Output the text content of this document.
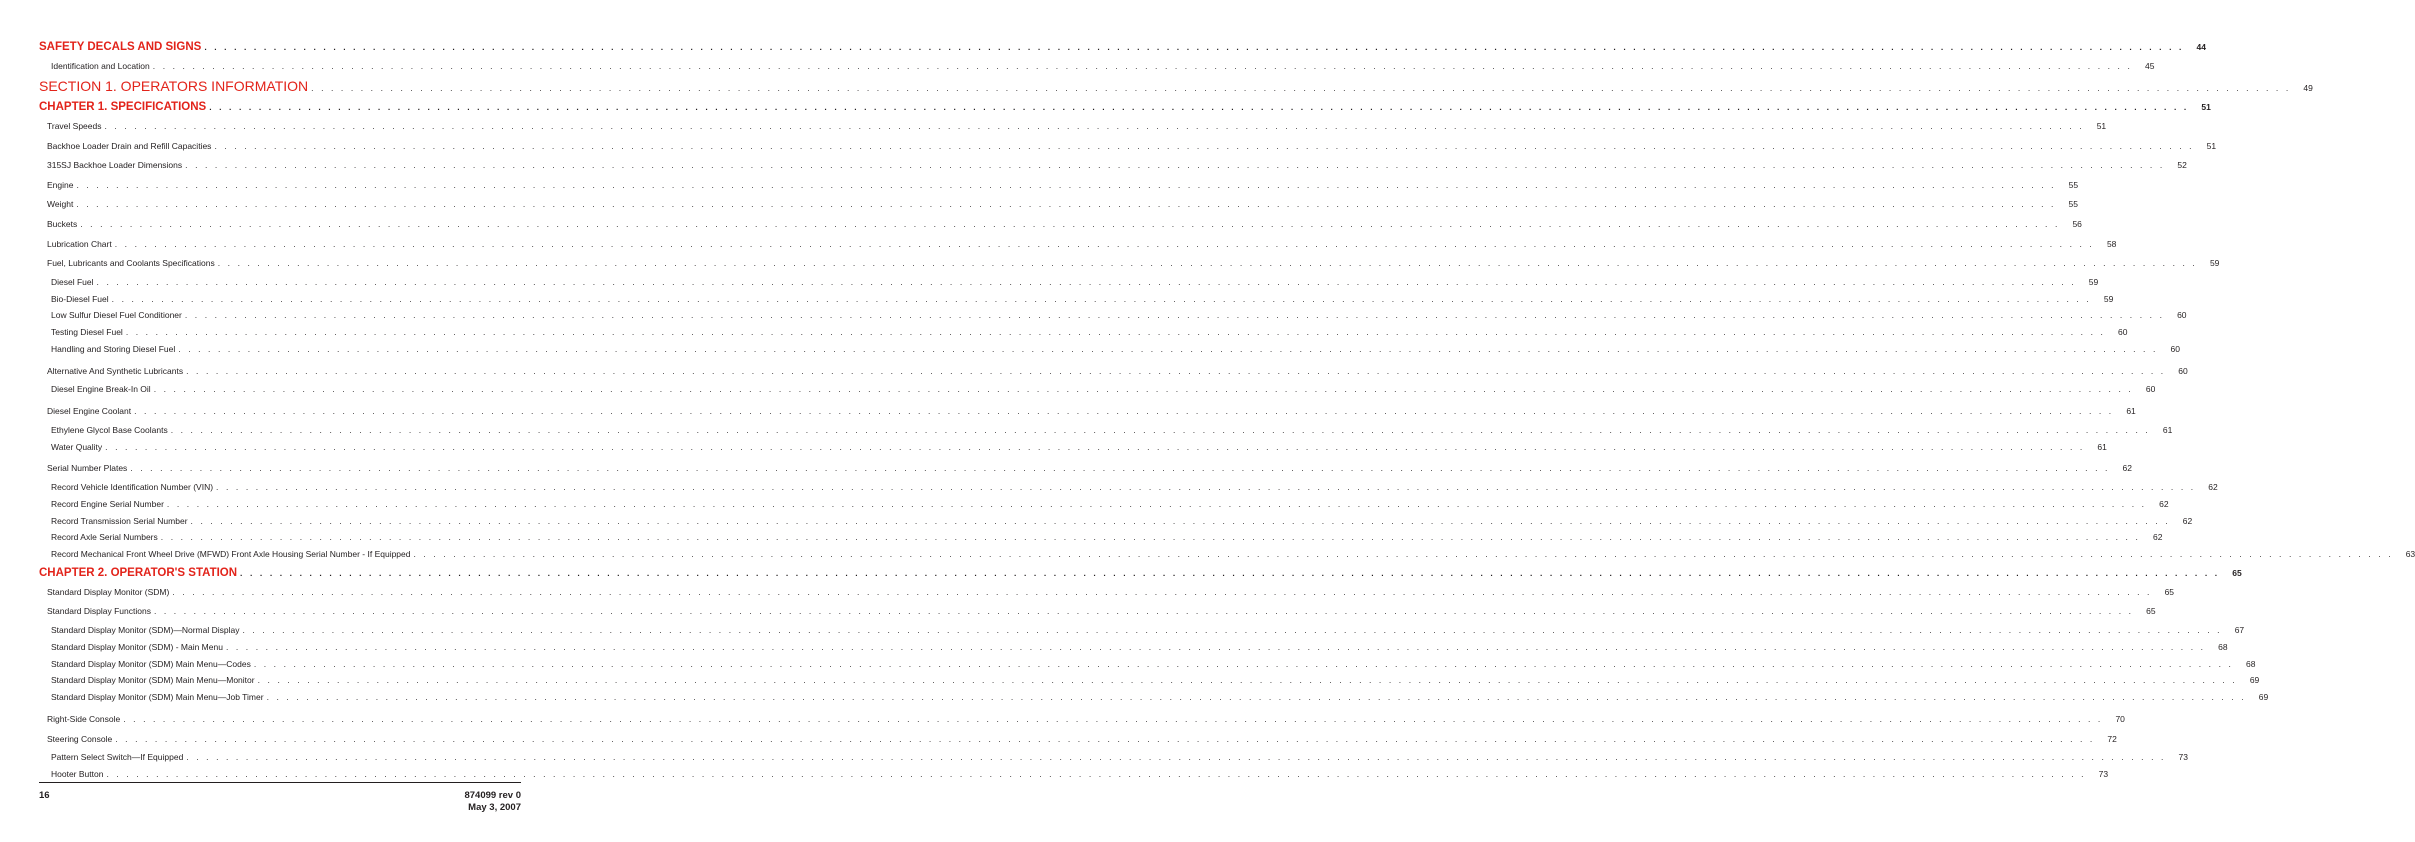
SAFETY DECALS AND SIGNS . . . . . . . . . . . . . . . . . . . . . . . . . . . . . . . . . . . . . . . . . . . . . . . . . . . . . . . . . . . . . . . . . . . . . . . . . . . . . . . . . . . . . . . . . . . . . . . . . . . . . . . . . . . . . . . . . . . . . . . . . . . . . . . . . . . . . . . . . . . . . . . . . . . . . . . . . . . . . . . . . . . . . . . . . . . . . . . . . . . . . . . . . . . . . . . . . . . . . . . .	44
Identification and Location . . . . . . . . . . . . . . . . . . . . . . . . . . . . . . . . . . . . . . . . . . . . . . . . . . . . . . . . . . . . . . . . . . . . . . . . . . . . . . . . . . . . . . . . . . . . . . . . . . . . . . . . . . . . . . . . . . . . . . . . . . . . . . . . . . . . . . . . . . . . . . . . . . . . . . . . . . . . . . . . . . . . . . . . . . . . . . . . . . . . . . . . . . . . . . . . . . . . . . . .	45
SECTION 1. OPERATORS INFORMATION . . . . . . . . . . . . . . . . . . . . . . . . . . . . . . . . . . . . . . . . . . . . . . . . . . . . . . . . . . . . . . . . . . . . . . . . . . . . . . . . . . . . . . . . . . . . . . . . . . . . . . . . . . . . . . . . . . . . . . . . . . . . . . . . . . . . . . . . . . . . . . . . . . . . . . . . . . . . . . . . . . . . . . . . . . . . . . . . . . . . . . . . . . . . . . . . . . . . . . . .	49
CHAPTER 1. SPECIFICATIONS . . . . . . . . . . . . . . . . . . . . . . . . . . . . . . . . . . . . . . . . . . . . . . . . . . . . . . . . . . . . . . . . . . . . . . . . . . . . . . . . . . . . . . . . . . . . . . . . . . . . . . . . . . . . . . . . . . . . . . . . . . . . . . . . . . . . . . . . . . . . . . . . . . . . . . . . . . . . . . . . . . . . . . . . . . . . . . . . . . . . . . . . . . . . . . . . . . . . . . . .	51
Travel Speeds . . . . . . . . . . . . . . . . . . . . . . . . . . . . . . . . . . . . . . . . . . . . . . . . . . . . . . . . . . . . . . . . . . . . . . . . . . . . . . . . . . . . . . . . . . . . . . . . . . . . . . . . . . . . . . . . . . . . . . . . . . . . . . . . . . . . . . . . . . . . . . . . . . . . . . . . . . . . . . . . . . . . . . . . . . . . . . . . . . . . . . . . . . . . . . . . . . . . . . . .	51
Backhoe Loader Drain and Refill Capacities . . . . . . . . . . . . . . . . . . . . . . . . . . . . . . . . . . . . . . . . . . . . . . . . . . . . . . . . . . . . . . . . . . . . . . . . . . . . . . . . . . . . . . . . . . . . . . . . . . . . . . . . . . . . . . . . . . . . . . . . . . . . . . . . . . . . . . . . . . . . . . . . . . . . . . . . . . . . . . . . . . . . . . . . . . . . . . . . . . . . . . . . . . . . . . . . . . . . . . . .	51
315SJ Backhoe Loader Dimensions . . . . . . . . . . . . . . . . . . . . . . . . . . . . . . . . . . . . . . . . . . . . . . . . . . . . . . . . . . . . . . . . . . . . . . . . . . . . . . . . . . . . . . . . . . . . . . . . . . . . . . . . . . . . . . . . . . . . . . . . . . . . . . . . . . . . . . . . . . . . . . . . . . . . . . . . . . . . . . . . . . . . . . . . . . . . . . . . . . . . . . . . . . . . . . . . . . . . . . . .	52
Engine . . . . . . . . . . . . . . . . . . . . . . . . . . . . . . . . . . . . . . . . . . . . . . . . . . . . . . . . . . . . . . . . . . . . . . . . . . . . . . . . . . . . . . . . . . . . . . . . . . . . . . . . . . . . . . . . . . . . . . . . . . . . . . . . . . . . . . . . . . . . . . . . . . . . . . . . . . . . . . . . . . . . . . . . . . . . . . . . . . . . . . . . . . . . . . . . . . . . . . . .	55
Weight . . . . . . . . . . . . . . . . . . . . . . . . . . . . . . . . . . . . . . . . . . . . . . . . . . . . . . . . . . . . . . . . . . . . . . . . . . . . . . . . . . . . . . . . . . . . . . . . . . . . . . . . . . . . . . . . . . . . . . . . . . . . . . . . . . . . . . . . . . . . . . . . . . . . . . . . . . . . . . . . . . . . . . . . . . . . . . . . . . . . . . . . . . . . . . . . . . . . . . . .	55
Buckets . . . . . . . . . . . . . . . . . . . . . . . . . . . . . . . . . . . . . . . . . . . . . . . . . . . . . . . . . . . . . . . . . . . . . . . . . . . . . . . . . . . . . . . . . . . . . . . . . . . . . . . . . . . . . . . . . . . . . . . . . . . . . . . . . . . . . . . . . . . . . . . . . . . . . . . . . . . . . . . . . . . . . . . . . . . . . . . . . . . . . . . . . . . . . . . . . . . . . . . .	56
Lubrication Chart . . . . . . . . . . . . . . . . . . . . . . . . . . . . . . . . . . . . . . . . . . . . . . . . . . . . . . . . . . . . . . . . . . . . . . . . . . . . . . . . . . . . . . . . . . . . . . . . . . . . . . . . . . . . . . . . . . . . . . . . . . . . . . . . . . . . . . . . . . . . . . . . . . . . . . . . . . . . . . . . . . . . . . . . . . . . . . . . . . . . . . . . . . . . . . . . . . . . . . . .	58
Fuel, Lubricants and Coolants Specifications . . . . . . . . . . . . . . . . . . . . . . . . . . . . . . . . . . . . . . . . . . . . . . . . . . . . . . . . . . . . . . . . . . . . . . . . . . . . . . . . . . . . . . . . . . . . . . . . . . . . . . . . . . . . . . . . . . . . . . . . . . . . . . . . . . . . . . . . . . . . . . . . . . . . . . . . . . . . . . . . . . . . . . . . . . . . . . . . . . . . . . . . . . . . . . . . . . . . . . . .	59
Diesel Fuel . . . . . . . . . . . . . . . . . . . . . . . . . . . . . . . . . . . . . . . . . . . . . . . . . . . . . . . . . . . . . . . . . . . . . . . . . . . . . . . . . . . . . . . . . . . . . . . . . . . . . . . . . . . . . . . . . . . . . . . . . . . . . . . . . . . . . . . . . . . . . . . . . . . . . . . . . . . . . . . . . . . . . . . . . . . . . . . . . . . . . . . . . . . . . . . . . . . . . . . .	59
Bio-Diesel Fuel . . . . . . . . . . . . . . . . . . . . . . . . . . . . . . . . . . . . . . . . . . . . . . . . . . . . . . . . . . . . . . . . . . . . . . . . . . . . . . . . . . . . . . . . . . . . . . . . . . . . . . . . . . . . . . . . . . . . . . . . . . . . . . . . . . . . . . . . . . . . . . . . . . . . . . . . . . . . . . . . . . . . . . . . . . . . . . . . . . . . . . . . . . . . . . . . . . . . . . . .	59
Low Sulfur Diesel Fuel Conditioner . . . . . . . . . . . . . . . . . . . . . . . . . . . . . . . . . . . . . . . . . . . . . . . . . . . . . . . . . . . . . . . . . . . . . . . . . . . . . . . . . . . . . . . . . . . . . . . . . . . . . . . . . . . . . . . . . . . . . . . . . . . . . . . . . . . . . . . . . . . . . . . . . . . . . . . . . . . . . . . . . . . . . . . . . . . . . . . . . . . . . . . . . . . . . . . . . . . . . . . .	60
Testing Diesel Fuel . . . . . . . . . . . . . . . . . . . . . . . . . . . . . . . . . . . . . . . . . . . . . . . . . . . . . . . . . . . . . . . . . . . . . . . . . . . . . . . . . . . . . . . . . . . . . . . . . . . . . . . . . . . . . . . . . . . . . . . . . . . . . . . . . . . . . . . . . . . . . . . . . . . . . . . . . . . . . . . . . . . . . . . . . . . . . . . . . . . . . . . . . . . . . . . . . . . . . . . .	60
Handling and Storing Diesel Fuel . . . . . . . . . . . . . . . . . . . . . . . . . . . . . . . . . . . . . . . . . . . . . . . . . . . . . . . . . . . . . . . . . . . . . . . . . . . . . . . . . . . . . . . . . . . . . . . . . . . . . . . . . . . . . . . . . . . . . . . . . . . . . . . . . . . . . . . . . . . . . . . . . . . . . . . . . . . . . . . . . . . . . . . . . . . . . . . . . . . . . . . . . . . . . . . . . . . . . . . .	60
Alternative And Synthetic Lubricants . . . . . . . . . . . . . . . . . . . . . . . . . . . . . . . . . . . . . . . . . . . . . . . . . . . . . . . . . . . . . . . . . . . . . . . . . . . . . . . . . . . . . . . . . . . . . . . . . . . . . . . . . . . . . . . . . . . . . . . . . . . . . . . . . . . . . . . . . . . . . . . . . . . . . . . . . . . . . . . . . . . . . . . . . . . . . . . . . . . . . . . . . . . . . . . . . . . . . . . .	60
Diesel Engine Break-In Oil . . . . . . . . . . . . . . . . . . . . . . . . . . . . . . . . . . . . . . . . . . . . . . . . . . . . . . . . . . . . . . . . . . . . . . . . . . . . . . . . . . . . . . . . . . . . . . . . . . . . . . . . . . . . . . . . . . . . . . . . . . . . . . . . . . . . . . . . . . . . . . . . . . . . . . . . . . . . . . . . . . . . . . . . . . . . . . . . . . . . . . . . . . . . . . . . . . . . . . . .	60
Diesel Engine Coolant . . . . . . . . . . . . . . . . . . . . . . . . . . . . . . . . . . . . . . . . . . . . . . . . . . . . . . . . . . . . . . . . . . . . . . . . . . . . . . . . . . . . . . . . . . . . . . . . . . . . . . . . . . . . . . . . . . . . . . . . . . . . . . . . . . . . . . . . . . . . . . . . . . . . . . . . . . . . . . . . . . . . . . . . . . . . . . . . . . . . . . . . . . . . . . . . . . . . . . . .	61
Ethylene Glycol Base Coolants . . . . . . . . . . . . . . . . . . . . . . . . . . . . . . . . . . . . . . . . . . . . . . . . . . . . . . . . . . . . . . . . . . . . . . . . . . . . . . . . . . . . . . . . . . . . . . . . . . . . . . . . . . . . . . . . . . . . . . . . . . . . . . . . . . . . . . . . . . . . . . . . . . . . . . . . . . . . . . . . . . . . . . . . . . . . . . . . . . . . . . . . . . . . . . . . . . . . . . . .	61
Water Quality . . . . . . . . . . . . . . . . . . . . . . . . . . . . . . . . . . . . . . . . . . . . . . . . . . . . . . . . . . . . . . . . . . . . . . . . . . . . . . . . . . . . . . . . . . . . . . . . . . . . . . . . . . . . . . . . . . . . . . . . . . . . . . . . . . . . . . . . . . . . . . . . . . . . . . . . . . . . . . . . . . . . . . . . . . . . . . . . . . . . . . . . . . . . . . . . . . . . . . . .	61
Serial Number Plates . . . . . . . . . . . . . . . . . . . . . . . . . . . . . . . . . . . . . . . . . . . . . . . . . . . . . . . . . . . . . . . . . . . . . . . . . . . . . . . . . . . . . . . . . . . . . . . . . . . . . . . . . . . . . . . . . . . . . . . . . . . . . . . . . . . . . . . . . . . . . . . . . . . . . . . . . . . . . . . . . . . . . . . . . . . . . . . . . . . . . . . . . . . . . . . . . . . . . . . .	62
Record Vehicle Identification Number (VIN) . . . . . . . . . . . . . . . . . . . . . . . . . . . . . . . . . . . . . . . . . . . . . . . . . . . . . . . . . . . . . . . . . . . . . . . . . . . . . . . . . . . . . . . . . . . . . . . . . . . . . . . . . . . . . . . . . . . . . . . . . . . . . . . . . . . . . . . . . . . . . . . . . . . . . . . . . . . . . . . . . . . . . . . . . . . . . . . . . . . . . . . . . . . . . . . . . . . . . . . .	62
Record Engine Serial Number . . . . . . . . . . . . . . . . . . . . . . . . . . . . . . . . . . . . . . . . . . . . . . . . . . . . . . . . . . . . . . . . . . . . . . . . . . . . . . . . . . . . . . . . . . . . . . . . . . . . . . . . . . . . . . . . . . . . . . . . . . . . . . . . . . . . . . . . . . . . . . . . . . . . . . . . . . . . . . . . . . . . . . . . . . . . . . . . . . . . . . . . . . . . . . . . . . . . . . . .	62
Record Transmission Serial Number . . . . . . . . . . . . . . . . . . . . . . . . . . . . . . . . . . . . . . . . . . . . . . . . . . . . . . . . . . . . . . . . . . . . . . . . . . . . . . . . . . . . . . . . . . . . . . . . . . . . . . . . . . . . . . . . . . . . . . . . . . . . . . . . . . . . . . . . . . . . . . . . . . . . . . . . . . . . . . . . . . . . . . . . . . . . . . . . . . . . . . . . . . . . . . . . . . . . . . . .	62
Record Axle Serial Numbers . . . . . . . . . . . . . . . . . . . . . . . . . . . . . . . . . . . . . . . . . . . . . . . . . . . . . . . . . . . . . . . . . . . . . . . . . . . . . . . . . . . . . . . . . . . . . . . . . . . . . . . . . . . . . . . . . . . . . . . . . . . . . . . . . . . . . . . . . . . . . . . . . . . . . . . . . . . . . . . . . . . . . . . . . . . . . . . . . . . . . . . . . . . . . . . . . . . . . . . .	62
Record Mechanical Front Wheel Drive (MFWD) Front Axle Housing Serial Number - If Equipped . . . . . . . . . . . . . . . . . . . . . . . . . . . . . . . . . . . . . . . . . . . . . . . . . . . . . . . . . . . . . . . . . . . . . . . . . . . . . . . . . . . . . . . . . . . . . . . . . . . . . . . . . . . . . . . . . . . . . . . . . . . . . . . . . . . . . . . . . . . . . . . . . . . . . . . . . . . . . . . . . . . . . . . . . . . . . . . . . . . . . . . . . . . . . . . . . . . . . . . .	63
CHAPTER 2. OPERATOR'S STATION . . . . . . . . . . . . . . . . . . . . . . . . . . . . . . . . . . . . . . . . . . . . . . . . . . . . . . . . . . . . . . . . . . . . . . . . . . . . . . . . . . . . . . . . . . . . . . . . . . . . . . . . . . . . . . . . . . . . . . . . . . . . . . . . . . . . . . . . . . . . . . . . . . . . . . . . . . . . . . . . . . . . . . . . . . . . . . . . . . . . . . . . . . . . . . . . . . . . . . . .	65
Standard Display Monitor (SDM) . . . . . . . . . . . . . . . . . . . . . . . . . . . . . . . . . . . . . . . . . . . . . . . . . . . . . . . . . . . . . . . . . . . . . . . . . . . . . . . . . . . . . . . . . . . . . . . . . . . . . . . . . . . . . . . . . . . . . . . . . . . . . . . . . . . . . . . . . . . . . . . . . . . . . . . . . . . . . . . . . . . . . . . . . . . . . . . . . . . . . . . . . . . . . . . . . . . . . . . .	65
Standard Display Functions . . . . . . . . . . . . . . . . . . . . . . . . . . . . . . . . . . . . . . . . . . . . . . . . . . . . . . . . . . . . . . . . . . . . . . . . . . . . . . . . . . . . . . . . . . . . . . . . . . . . . . . . . . . . . . . . . . . . . . . . . . . . . . . . . . . . . . . . . . . . . . . . . . . . . . . . . . . . . . . . . . . . . . . . . . . . . . . . . . . . . . . . . . . . . . . . . . . . . . . .	65
Standard Display Monitor (SDM)—Normal Display . . . . . . . . . . . . . . . . . . . . . . . . . . . . . . . . . . . . . . . . . . . . . . . . . . . . . . . . . . . . . . . . . . . . . . . . . . . . . . . . . . . . . . . . . . . . . . . . . . . . . . . . . . . . . . . . . . . . . . . . . . . . . . . . . . . . . . . . . . . . . . . . . . . . . . . . . . . . . . . . . . . . . . . . . . . . . . . . . . . . . . . . . . . . . . . . . . . . . . . .	67
Standard Display Monitor (SDM) - Main Menu . . . . . . . . . . . . . . . . . . . . . . . . . . . . . . . . . . . . . . . . . . . . . . . . . . . . . . . . . . . . . . . . . . . . . . . . . . . . . . . . . . . . . . . . . . . . . . . . . . . . . . . . . . . . . . . . . . . . . . . . . . . . . . . . . . . . . . . . . . . . . . . . . . . . . . . . . . . . . . . . . . . . . . . . . . . . . . . . . . . . . . . . . . . . . . . . . . . . . . . .	68
Standard Display Monitor (SDM) Main Menu—Codes . . . . . . . . . . . . . . . . . . . . . . . . . . . . . . . . . . . . . . . . . . . . . . . . . . . . . . . . . . . . . . . . . . . . . . . . . . . . . . . . . . . . . . . . . . . . . . . . . . . . . . . . . . . . . . . . . . . . . . . . . . . . . . . . . . . . . . . . . . . . . . . . . . . . . . . . . . . . . . . . . . . . . . . . . . . . . . . . . . . . . . . . . . . . . . . . . . . . . . . .	68
Standard Display Monitor (SDM) Main Menu—Monitor . . . . . . . . . . . . . . . . . . . . . . . . . . . . . . . . . . . . . . . . . . . . . . . . . . . . . . . . . . . . . . . . . . . . . . . . . . . . . . . . . . . . . . . . . . . . . . . . . . . . . . . . . . . . . . . . . . . . . . . . . . . . . . . . . . . . . . . . . . . . . . . . . . . . . . . . . . . . . . . . . . . . . . . . . . . . . . . . . . . . . . . . . . . . . . . . . . . . . . . .	69
Standard Display Monitor (SDM) Main Menu—Job Timer . . . . . . . . . . . . . . . . . . . . . . . . . . . . . . . . . . . . . . . . . . . . . . . . . . . . . . . . . . . . . . . . . . . . . . . . . . . . . . . . . . . . . . . . . . . . . . . . . . . . . . . . . . . . . . . . . . . . . . . . . . . . . . . . . . . . . . . . . . . . . . . . . . . . . . . . . . . . . . . . . . . . . . . . . . . . . . . . . . . . . . . . . . . . . . . . . . . . . . . .	69
Right-Side Console . . . . . . . . . . . . . . . . . . . . . . . . . . . . . . . . . . . . . . . . . . . . . . . . . . . . . . . . . . . . . . . . . . . . . . . . . . . . . . . . . . . . . . . . . . . . . . . . . . . . . . . . . . . . . . . . . . . . . . . . . . . . . . . . . . . . . . . . . . . . . . . . . . . . . . . . . . . . . . . . . . . . . . . . . . . . . . . . . . . . . . . . . . . . . . . . . . . . . . . .	70
Steering Console . . . . . . . . . . . . . . . . . . . . . . . . . . . . . . . . . . . . . . . . . . . . . . . . . . . . . . . . . . . . . . . . . . . . . . . . . . . . . . . . . . . . . . . . . . . . . . . . . . . . . . . . . . . . . . . . . . . . . . . . . . . . . . . . . . . . . . . . . . . . . . . . . . . . . . . . . . . . . . . . . . . . . . . . . . . . . . . . . . . . . . . . . . . . . . . . . . . . . . . .	72
Pattern Select Switch—If Equipped . . . . . . . . . . . . . . . . . . . . . . . . . . . . . . . . . . . . . . . . . . . . . . . . . . . . . . . . . . . . . . . . . . . . . . . . . . . . . . . . . . . . . . . . . . . . . . . . . . . . . . . . . . . . . . . . . . . . . . . . . . . . . . . . . . . . . . . . . . . . . . . . . . . . . . . . . . . . . . . . . . . . . . . . . . . . . . . . . . . . . . . . . . . . . . . . . . . . . . . .	73
Hooter Button . . . . . . . . . . . . . . . . . . . . . . . . . . . . . . . . . . . . . . . . . . . . . . . . . . . . . . . . . . . . . . . . . . . . . . . . . . . . . . . . . . . . . . . . . . . . . . . . . . . . . . . . . . . . . . . . . . . . . . . . . . . . . . . . . . . . . . . . . . . . . . . . . . . . . . . . . . . . . . . . . . . . . . . . . . . . . . . . . . . . . . . . . . . . . . . . . . . . . . . .	73
16	874099 rev 0
May 3, 2007
